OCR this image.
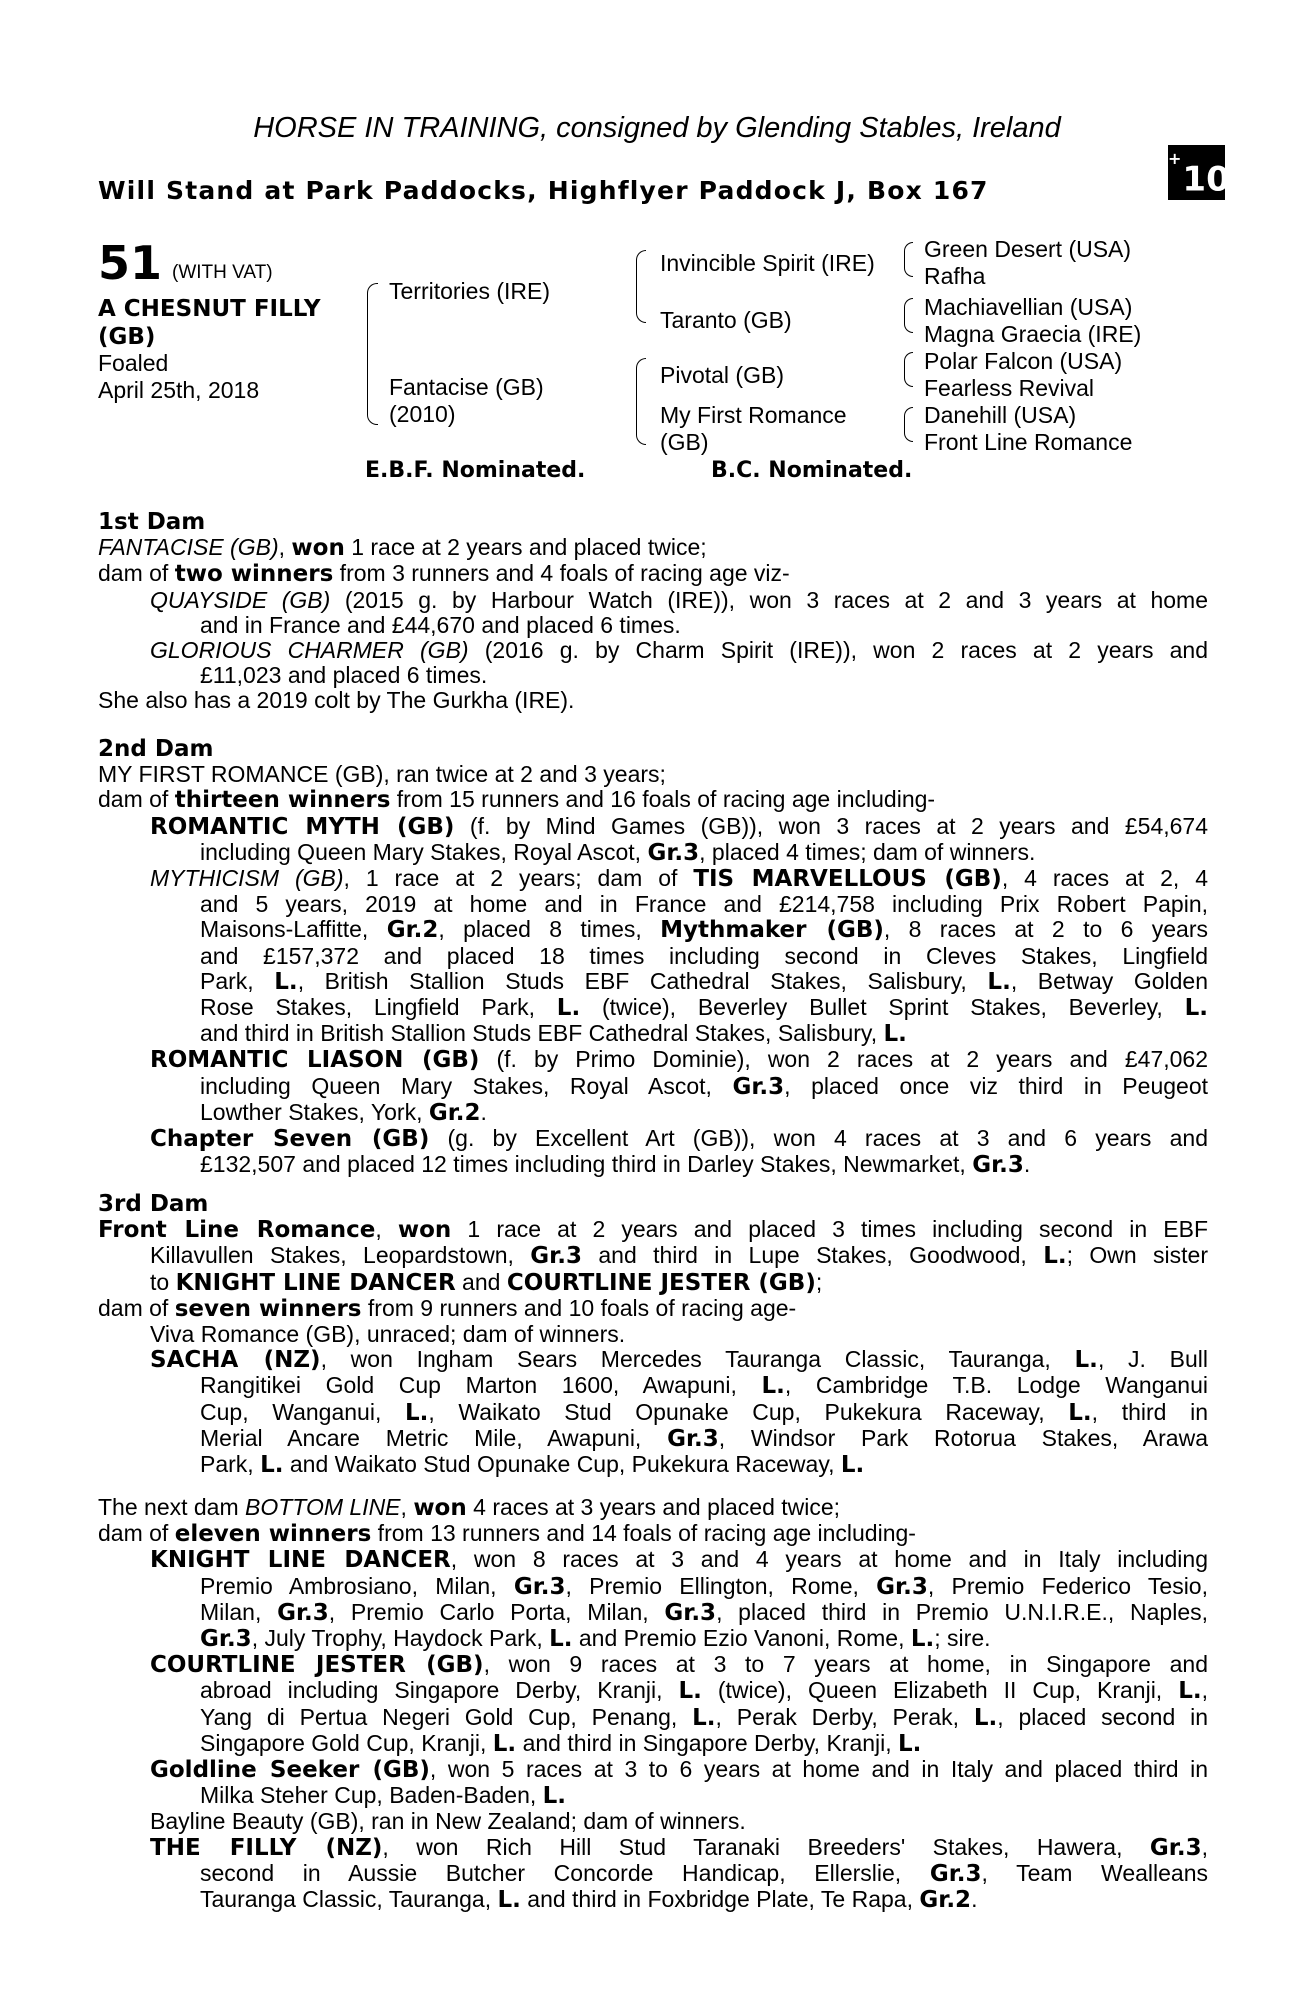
HORSE IN TRAINING, consigned by Glending Stables, Ireland
Will Stand at Park Paddocks, Highflyer Paddock J, Box 167
+10
51 (WITH VAT)
A CHESNUT FILLY
(GB)
Foaled
April 25th, 2018
Territories (IRE)
Fantacise (GB)
(2010)
Invincible Spirit (IRE)
Taranto (GB)
Pivotal (GB)
My First Romance
(GB)
Green Desert (USA)
Rafha
Machiavellian (USA)
Magna Graecia (IRE)
Polar Falcon (USA)
Fearless Revival
Danehill (USA)
Front Line Romance
E.B.F. Nominated.	B.C. Nominated.

1st Dam

FANTACISE (GB), won 1 race at 2 years and placed twice;

dam of two winners from 3 runners and 4 foals of racing age viz-

QUAYSIDE (GB) (2015 g. by Harbour Watch (IRE)), won 3 races at 2 and 3 years at home
and in France and £44,670 and placed 6 times.

GLORIOUS CHARMER (GB) (2016 g. by Charm Spirit (IRE)), won 2 races at 2 years and
£11,023 and placed 6 times.

She also has a 2019 colt by The Gurkha (IRE).

2nd Dam

MY FIRST ROMANCE (GB), ran twice at 2 and 3 years;

dam of thirteen winners from 15 runners and 16 foals of racing age including-

ROMANTIC MYTH (GB) (f. by Mind Games (GB)), won 3 races at 2 years and £54,674
including Queen Mary Stakes, Royal Ascot, Gr.3, placed 4 times; dam of winners.

MYTHICISM (GB), 1 race at 2 years; dam of TIS MARVELLOUS (GB), 4 races at 2, 4
and 5 years, 2019 at home and in France and £214,758 including Prix Robert Papin,
Maisons-Laffitte, Gr.2, placed 8 times, Mythmaker (GB), 8 races at 2 to 6 years
and £157,372 and placed 18 times including second in Cleves Stakes, Lingfield
Park, L., British Stallion Studs EBF Cathedral Stakes, Salisbury, L., Betway Golden
Rose Stakes, Lingfield Park, L. (twice), Beverley Bullet Sprint Stakes, Beverley, L.
and third in British Stallion Studs EBF Cathedral Stakes, Salisbury, L.

ROMANTIC LIASON (GB) (f. by Primo Dominie), won 2 races at 2 years and £47,062
including Queen Mary Stakes, Royal Ascot, Gr.3, placed once viz third in Peugeot
Lowther Stakes, York, Gr.2.

Chapter Seven (GB) (g. by Excellent Art (GB)), won 4 races at 3 and 6 years and
£132,507 and placed 12 times including third in Darley Stakes, Newmarket, Gr.3.

3rd Dam

Front Line Romance, won 1 race at 2 years and placed 3 times including second in EBF
Killavullen Stakes, Leopardstown, Gr.3 and third in Lupe Stakes, Goodwood, L.; Own sister
to KNIGHT LINE DANCER and COURTLINE JESTER (GB);

dam of seven winners from 9 runners and 10 foals of racing age-

Viva Romance (GB), unraced; dam of winners.

SACHA (NZ), won Ingham Sears Mercedes Tauranga Classic, Tauranga, L., J. Bull
Rangitikei Gold Cup Marton 1600, Awapuni, L., Cambridge T.B. Lodge Wanganui
Cup, Wanganui, L., Waikato Stud Opunake Cup, Pukekura Raceway, L., third in
Merial Ancare Metric Mile, Awapuni, Gr.3, Windsor Park Rotorua Stakes, Arawa
Park, L. and Waikato Stud Opunake Cup, Pukekura Raceway, L.

The next dam BOTTOM LINE, won 4 races at 3 years and placed twice;

dam of eleven winners from 13 runners and 14 foals of racing age including-

KNIGHT LINE DANCER, won 8 races at 3 and 4 years at home and in Italy including
Premio Ambrosiano, Milan, Gr.3, Premio Ellington, Rome, Gr.3, Premio Federico Tesio,
Milan, Gr.3, Premio Carlo Porta, Milan, Gr.3, placed third in Premio U.N.I.R.E., Naples,
Gr.3, July Trophy, Haydock Park, L. and Premio Ezio Vanoni, Rome, L.; sire.

COURTLINE JESTER (GB), won 9 races at 3 to 7 years at home, in Singapore and
abroad including Singapore Derby, Kranji, L. (twice), Queen Elizabeth II Cup, Kranji, L.,
Yang di Pertua Negeri Gold Cup, Penang, L., Perak Derby, Perak, L., placed second in
Singapore Gold Cup, Kranji, L. and third in Singapore Derby, Kranji, L.

Goldline Seeker (GB), won 5 races at 3 to 6 years at home and in Italy and placed third in
Milka Steher Cup, Baden-Baden, L.

Bayline Beauty (GB), ran in New Zealand; dam of winners.

THE FILLY (NZ), won Rich Hill Stud Taranaki Breeders' Stakes, Hawera, Gr.3,
second in Aussie Butcher Concorde Handicap, Ellerslie, Gr.3, Team Wealleans
Tauranga Classic, Tauranga, L. and third in Foxbridge Plate, Te Rapa, Gr.2.
